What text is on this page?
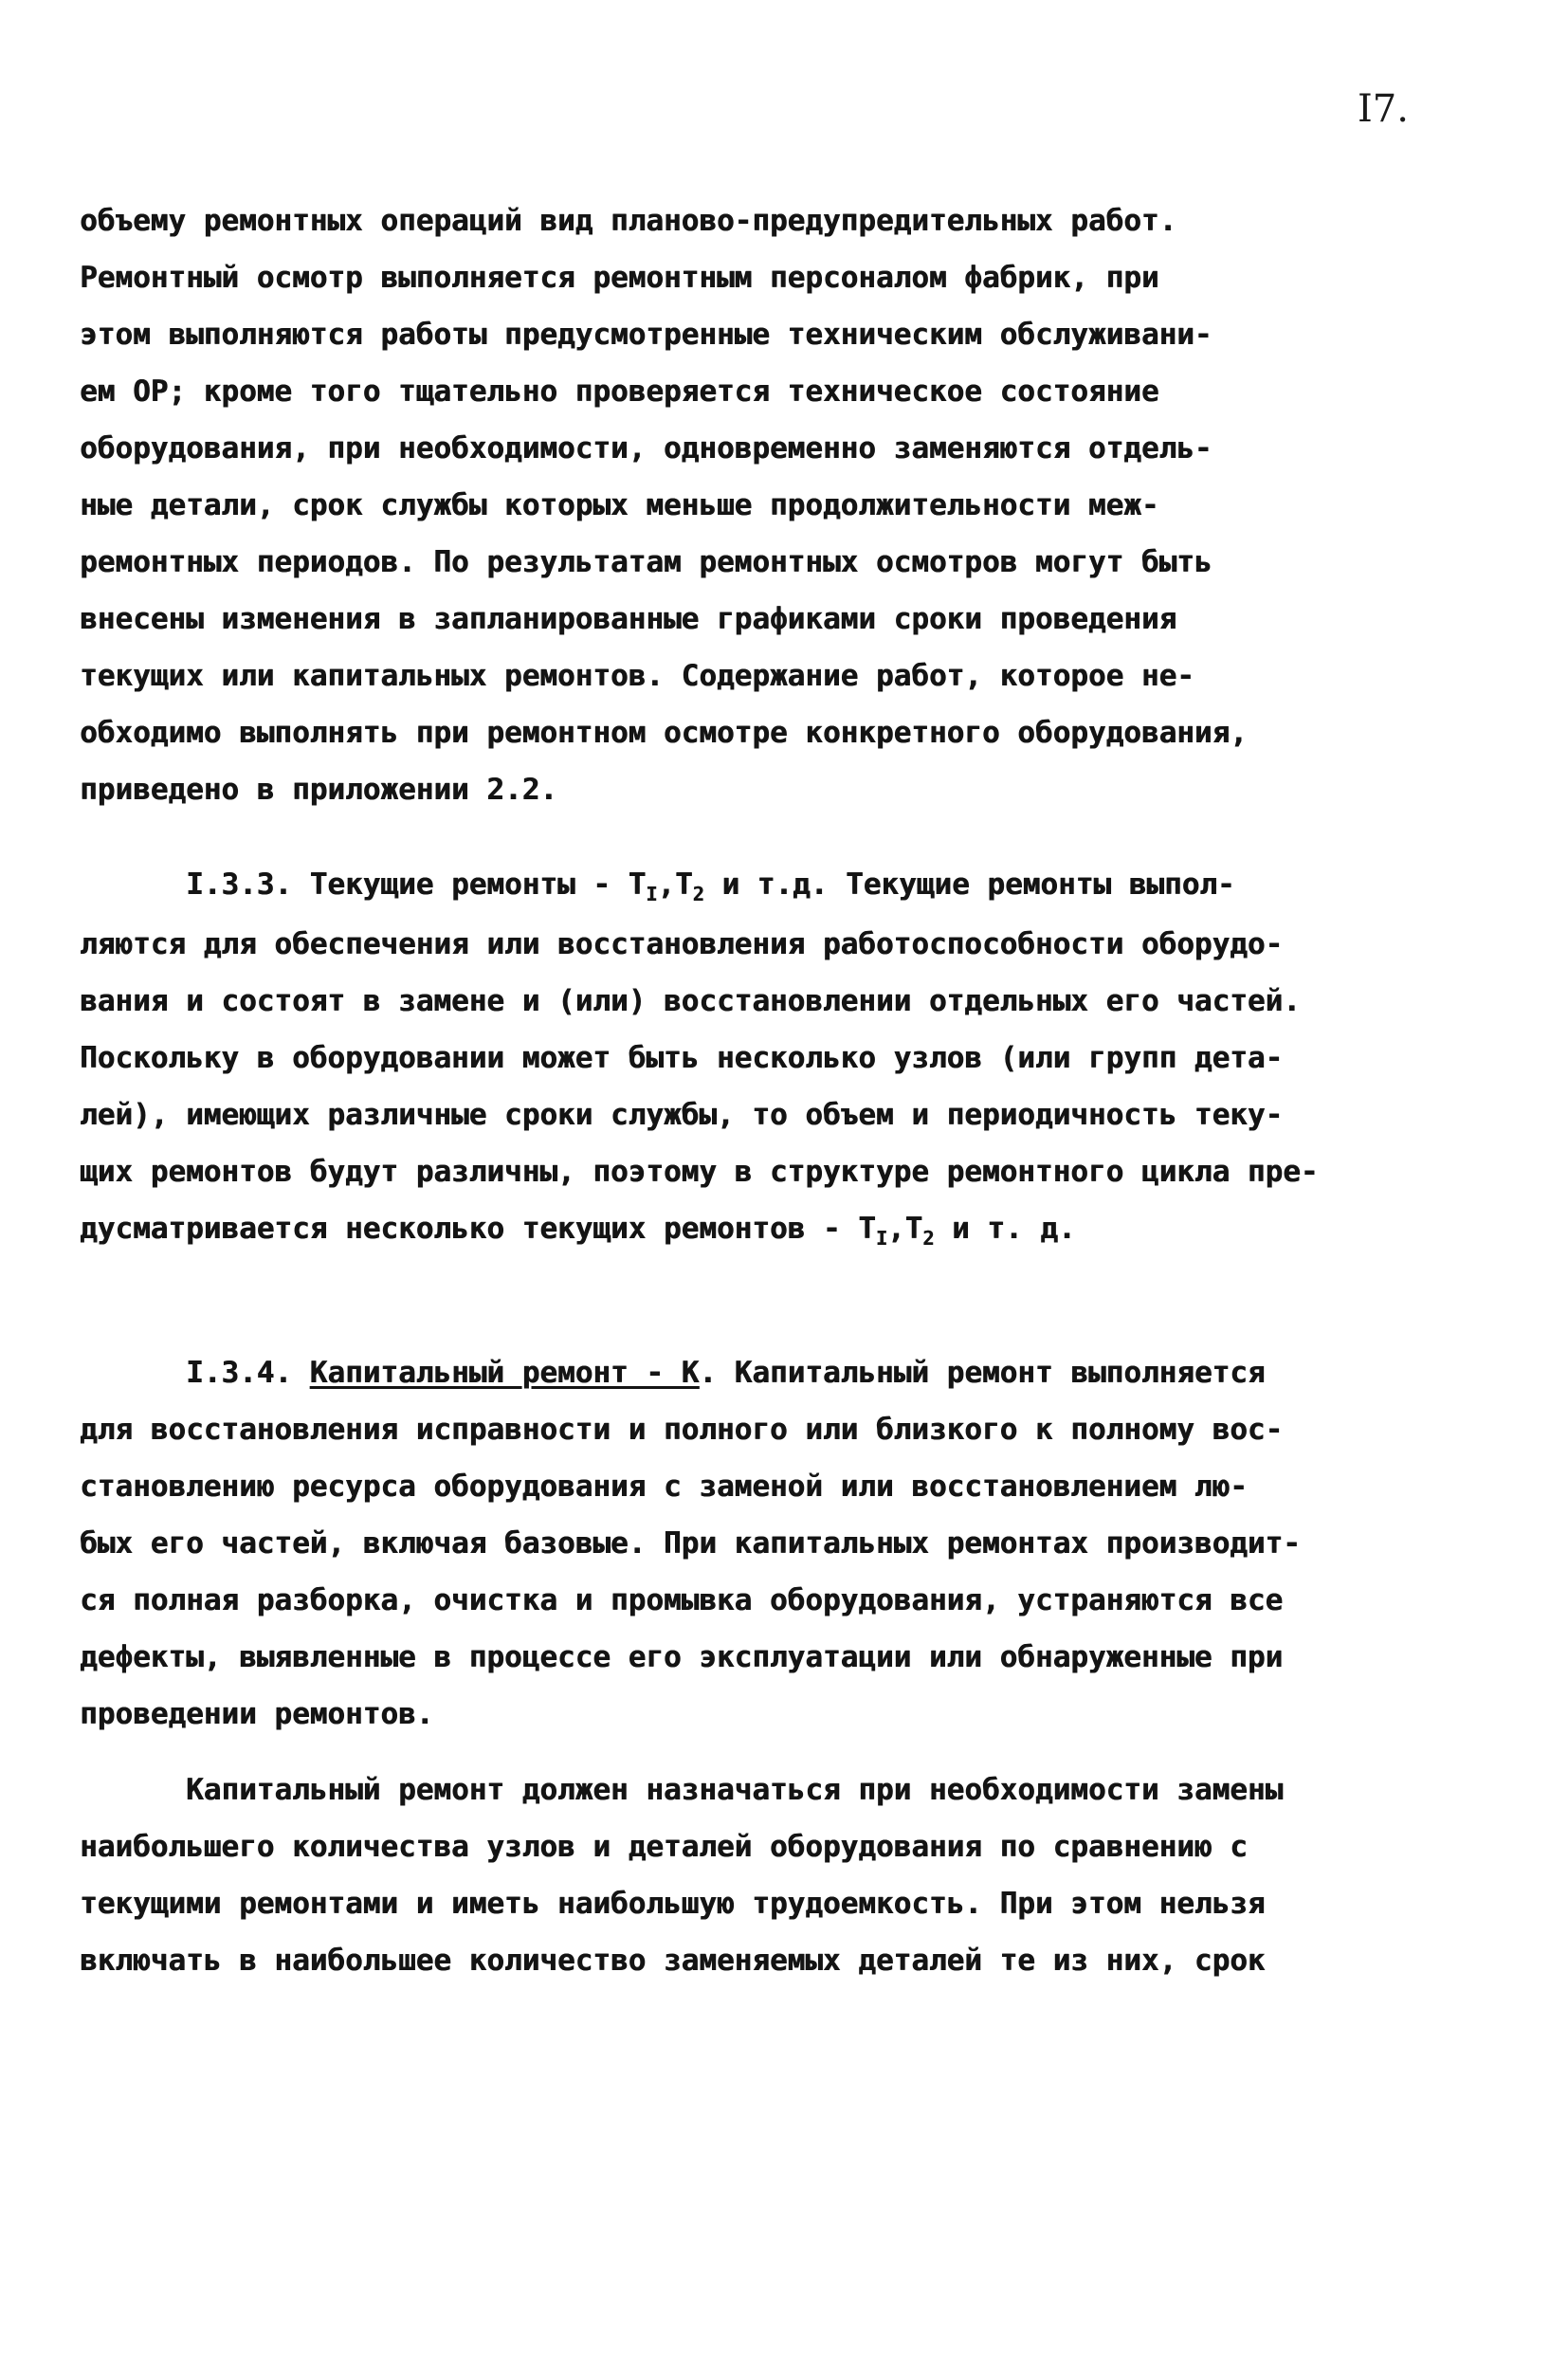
I7.
объему ремонтных операций вид планово-предупредительных работ.
Ремонтный осмотр выполняется ремонтным персоналом фабрик, при
этом выполняются работы предусмотренные техническим обслуживани-
ем ОР; кроме того тщательно проверяется техническое состояние
оборудования, при необходимости, одновременно заменяются отдель-
ные детали, срок службы которых меньше продолжительности меж-
ремонтных периодов. По результатам ремонтных осмотров могут быть
внесены изменения в запланированные графиками сроки проведения
текущих или капитальных ремонтов. Содержание работ, которое не-
обходимо выполнять при ремонтном осмотре конкретного оборудования,
приведено в приложении 2.2.
I.3.3. Текущие ремонты - $T_I,T_2$ и т.д. Текущие ремонты выпол-
ляются для обеспечения или восстановления работоспособности оборудо-
вания и состоят в замене и (или) восстановлении отдельных его частей.
Поскольку в оборудовании может быть несколько узлов (или групп дета-
лей), имеющих различные сроки службы, то объем и периодичность теку-
щих ремонтов будут различны, поэтому в структуре ремонтного цикла пре-
дусматривается несколько текущих ремонтов - $T_I,T_2$ и т. д.
I.3.4. Капитальный ремонт - К. Капитальный ремонт выполняется
для восстановления исправности и полного или близкого к полному вос-
становлению ресурса оборудования с заменой или восстановлением лю-
бых его частей, включая базовые. При капитальных ремонтах производит-
ся полная разборка, очистка и промывка оборудования, устраняются все
дефекты, выявленные в процессе его эксплуатации или обнаруженные при
проведении ремонтов.
Капитальный ремонт должен назначаться при необходимости замены
наибольшего количества узлов и деталей оборудования по сравнению с
текущими ремонтами и иметь наибольшую трудоемкость. При этом нельзя
включать в наибольшее количество заменяемых деталей те из них, срок
